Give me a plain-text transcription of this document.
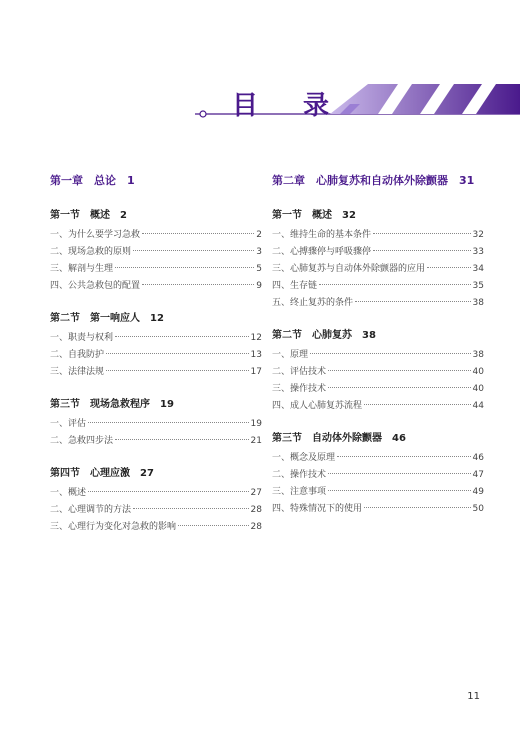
目 录
第一章　总论　1
第一节　概述　2
一、为什么要学习急救	2
二、现场急救的原则	3
三、解剖与生理	5
四、公共急救包的配置	9
第二节　第一响应人　12
一、职责与权利	12
二、自我防护	13
三、法律法规	17
第三节　现场急救程序　19
一、评估	19
二、急救四步法	21
第四节　心理应激　27
一、概述	27
二、心理调节的方法	28
三、心理行为变化对急救的影响	28
第二章　心肺复苏和自动体外除颤器　31
第一节　概述　32
一、维持生命的基本条件	32
二、心搏骤停与呼吸骤停	33
三、心肺复苏与自动体外除颤器的应用	34
四、生存链	35
五、终止复苏的条件	38
第二节　心肺复苏　38
一、原理	38
二、评估技术	40
三、操作技术	40
四、成人心肺复苏流程	44
第三节　自动体外除颤器　46
一、概念及原理	46
二、操作技术	47
三、注意事项	49
四、特殊情况下的使用	50
11
